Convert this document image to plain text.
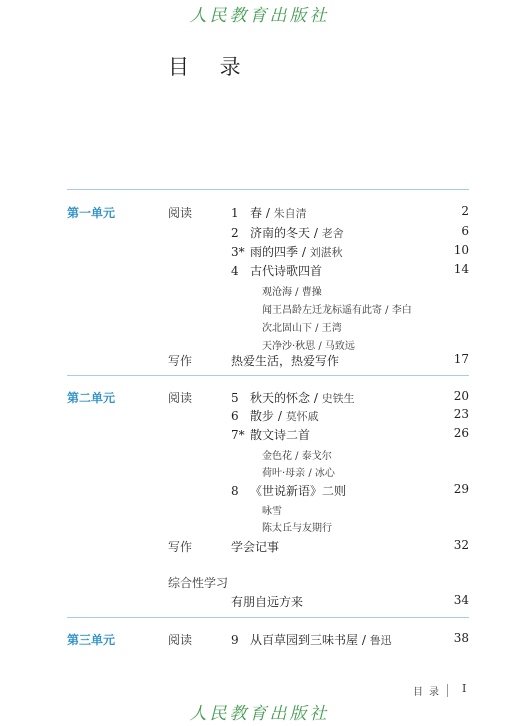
人民教育出版社
目 录
第一单元	阅读	1 春 / 朱自清	2
2 济南的冬天 / 老舍	6
3* 雨的四季 / 刘湛秋	10
4 古代诗歌四首	14
观沧海 / 曹操
闻王昌龄左迁龙标遥有此寄 / 李白
次北固山下 / 王湾
天净沙·秋思 / 马致远
写作	热爱生活，热爱写作	17
第二单元	阅读	5 秋天的怀念 / 史铁生	20
6 散步 / 莫怀戚	23
7* 散文诗二首	26
金色花 / 泰戈尔
荷叶·母亲 / 冰心
8 《世说新语》二则	29
咏雪
陈太丘与友期行
写作	学会记事	32
综合性学习
有朋自远方来	34
第三单元	阅读	9 从百草园到三味书屋 / 鲁迅	38
目录 I
人民教育出版社
